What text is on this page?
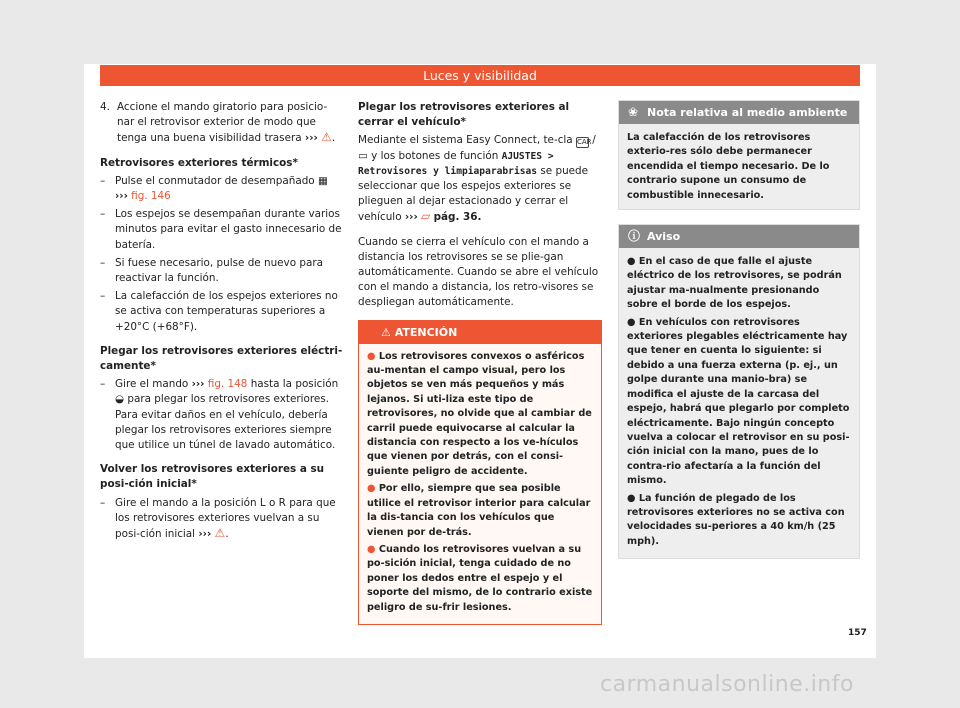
Luces y visibilidad
4. Accione el mando giratorio para posicio-nar el retrovisor exterior de modo que tenga una buena visibilidad trasera ››› ⚠.
Retrovisores exteriores térmicos*
– Pulse el conmutador de desempañado ▦
››› fig. 146
– Los espejos se desempañan durante varios minutos para evitar el gasto innecesario de batería.
– Si fuese necesario, pulse de nuevo para reactivar la función.
– La calefacción de los espejos exteriores no se activa con temperaturas superiores a +20°C (+68°F).
Plegar los retrovisores exteriores eléctri-camente*
– Gire el mando ››› fig. 148 hasta la posición
◒ para plegar los retrovisores exteriores. Para evitar daños en el vehículo, debería plegar los retrovisores exteriores siempre que utilice un túnel de lavado automático.
Volver los retrovisores exteriores a su posi-ción inicial*
– Gire el mando a la posición L o R para que los retrovisores exteriores vuelvan a su posi-ción inicial ››› ⚠.
Plegar los retrovisores exteriores al cerrar el vehículo*

Mediante el sistema Easy Connect, te-cla CAR / ▭ y los botones de función AJUSTES > Retrovisores y limpiaparabrisas se puede seleccionar que los espejos exteriores se plieguen al dejar estacionado y cerrar el vehículo ››› ▱ pág. 36.

Cuando se cierra el vehículo con el mando a distancia los retrovisores se se plie-gan automáticamente. Cuando se abre el vehículo con el mando a distancia, los retro-visores se despliegan automáticamente.

⚠ ATENCIÓN
● Los retrovisores convexos o asféricos au-mentan el campo visual, pero los objetos se ven más pequeños y más lejanos. Si uti-liza este tipo de retrovisores, no olvide que al cambiar de carril puede equivocarse al calcular la distancia con respecto a los ve-hículos que vienen por detrás, con el consi-guiente peligro de accidente.
● Por ello, siempre que sea posible utilice el retrovisor interior para calcular la dis-tancia con los vehículos que vienen por de-trás.
● Cuando los retrovisores vuelvan a su po-sición inicial, tenga cuidado de no poner los dedos entre el espejo y el soporte del mismo, de lo contrario existe peligro de su-frir lesiones.
❀ Nota relativa al medio ambiente
La calefacción de los retrovisores exterio-res sólo debe permanecer encendida el tiempo necesario. De lo contrario supone un consumo de combustible innecesario.
ⓘ Aviso
● En el caso de que falle el ajuste eléctrico de los retrovisores, se podrán ajustar ma-nualmente presionando sobre el borde de los espejos.
● En vehículos con retrovisores exteriores plegables eléctricamente hay que tener en cuenta lo siguiente: si debido a una fuerza externa (p. ej., un golpe durante una manio-bra) se modifica el ajuste de la carcasa del espejo, habrá que plegarlo por completo eléctricamente. Bajo ningún concepto vuelva a colocar el retrovisor en su posi-ción inicial con la mano, pues de lo contra-rio afectaría a la función del mismo.
● La función de plegado de los retrovisores exteriores no se activa con velocidades su-periores a 40 km/h (25 mph).
157
carmanualsonline.info
